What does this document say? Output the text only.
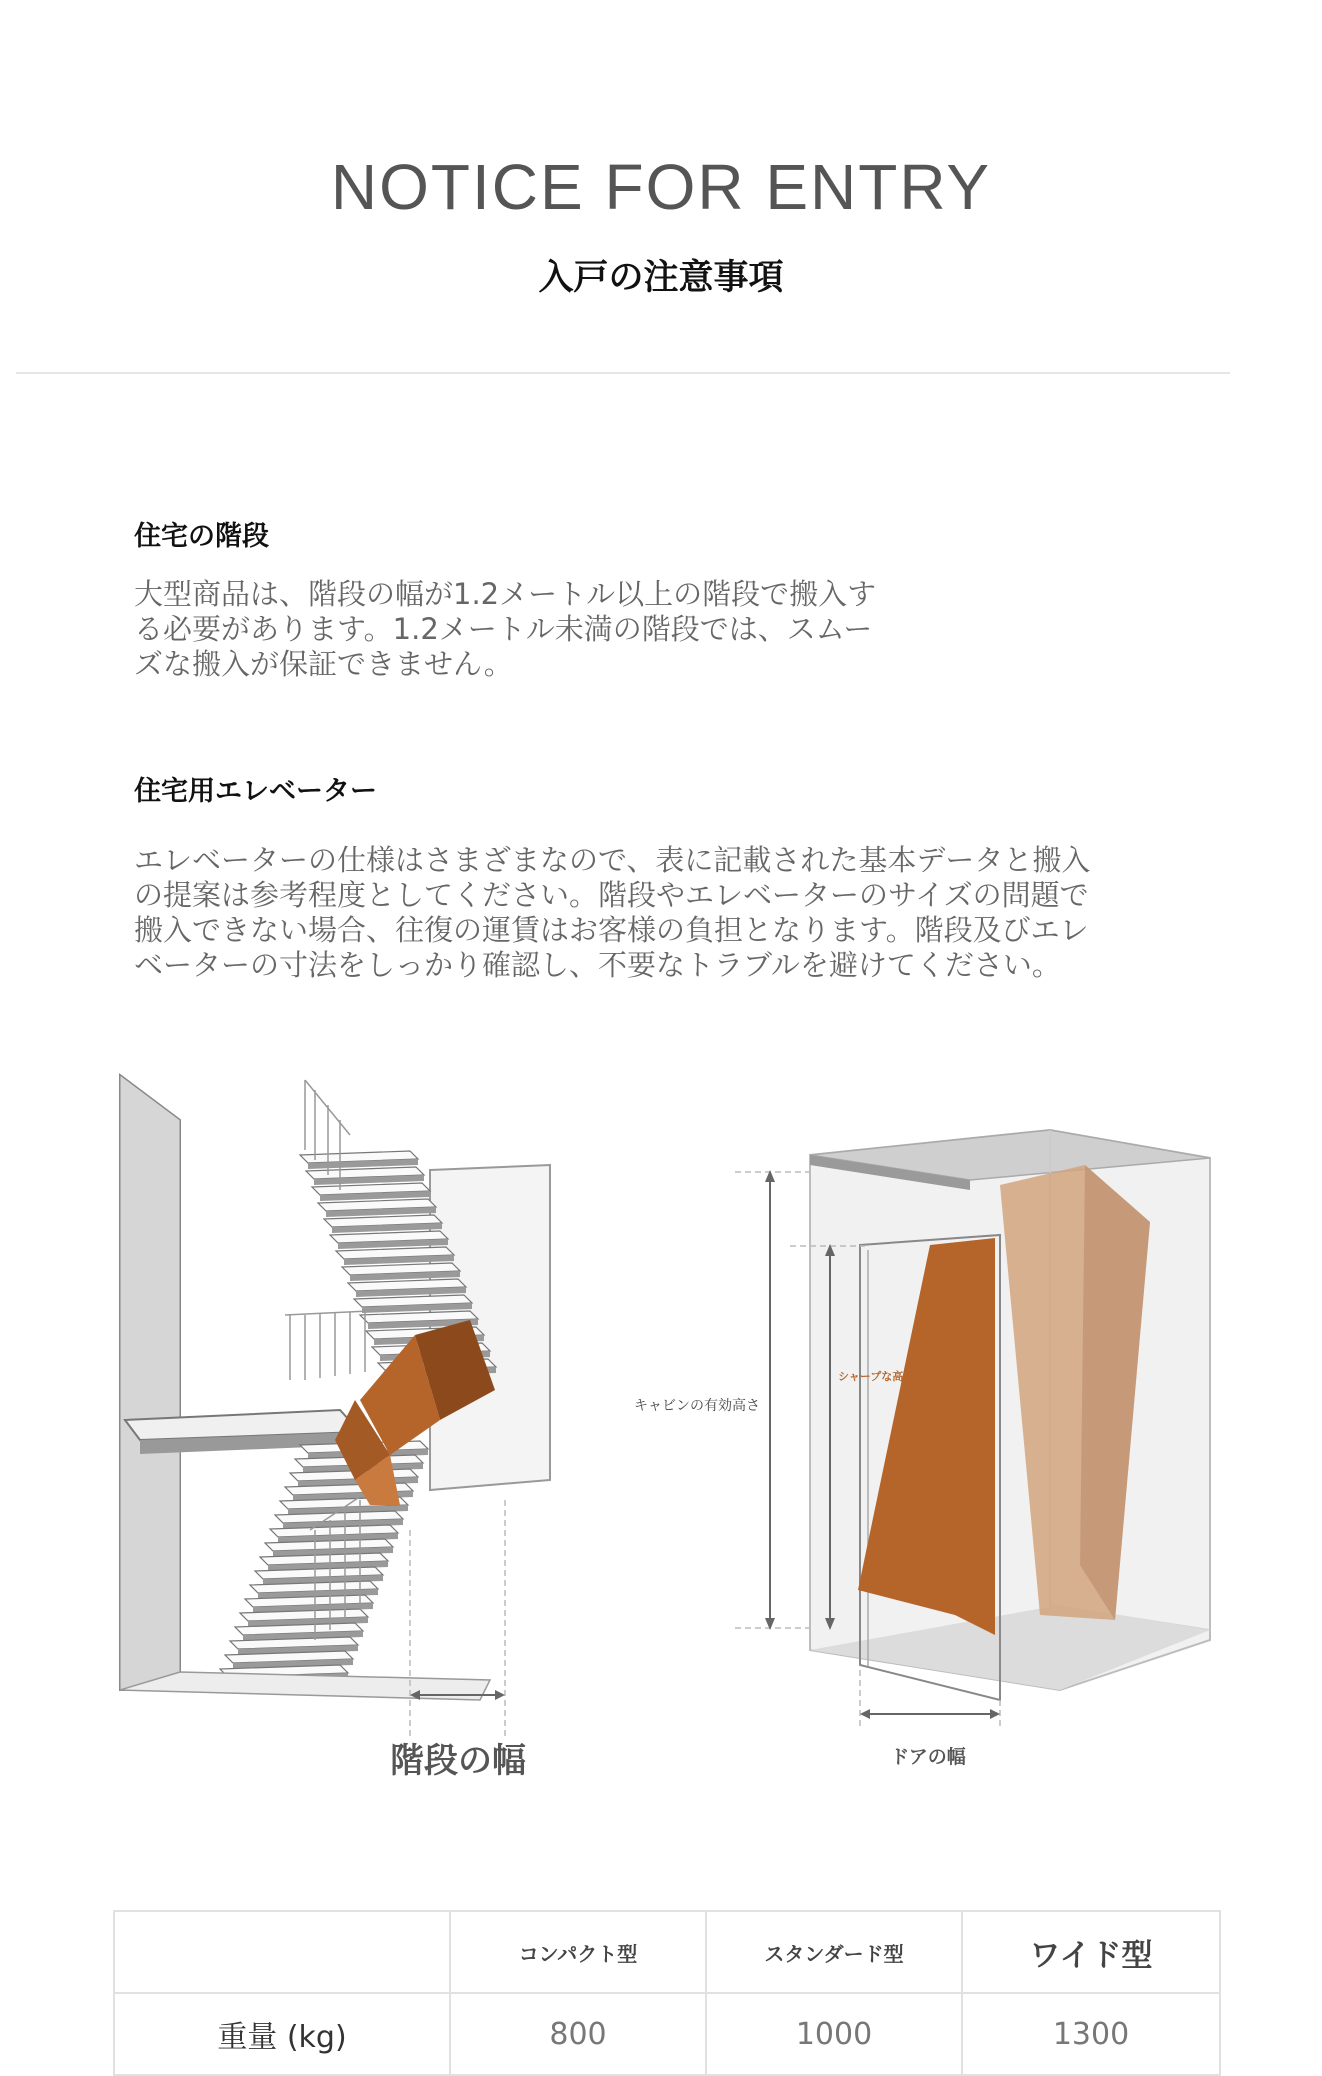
NOTICE FOR ENTRY
入戸の注意事項
住宅の階段
大型商品は、階段の幅が1.2メートル以上の階段で搬入す
る必要があります。1.2メートル未満の階段では、スムー
ズな搬入が保証できません。
住宅用エレベーター
エレベーターの仕様はさまざまなので、表に記載された基本データと搬入
の提案は参考程度としてください。階段やエレベーターのサイズの問題で
搬入できない場合、往復の運賃はお客様の負担となります。階段及びエレ
ベーターの寸法をしっかり確認し、不要なトラブルを避けてください。
階段の幅
キャビンの有効高さ
シャープな高さ
ドアの幅
	コンパクト型	スタンダード型	ワイド型
重量 (kg)	800	1000	1300
